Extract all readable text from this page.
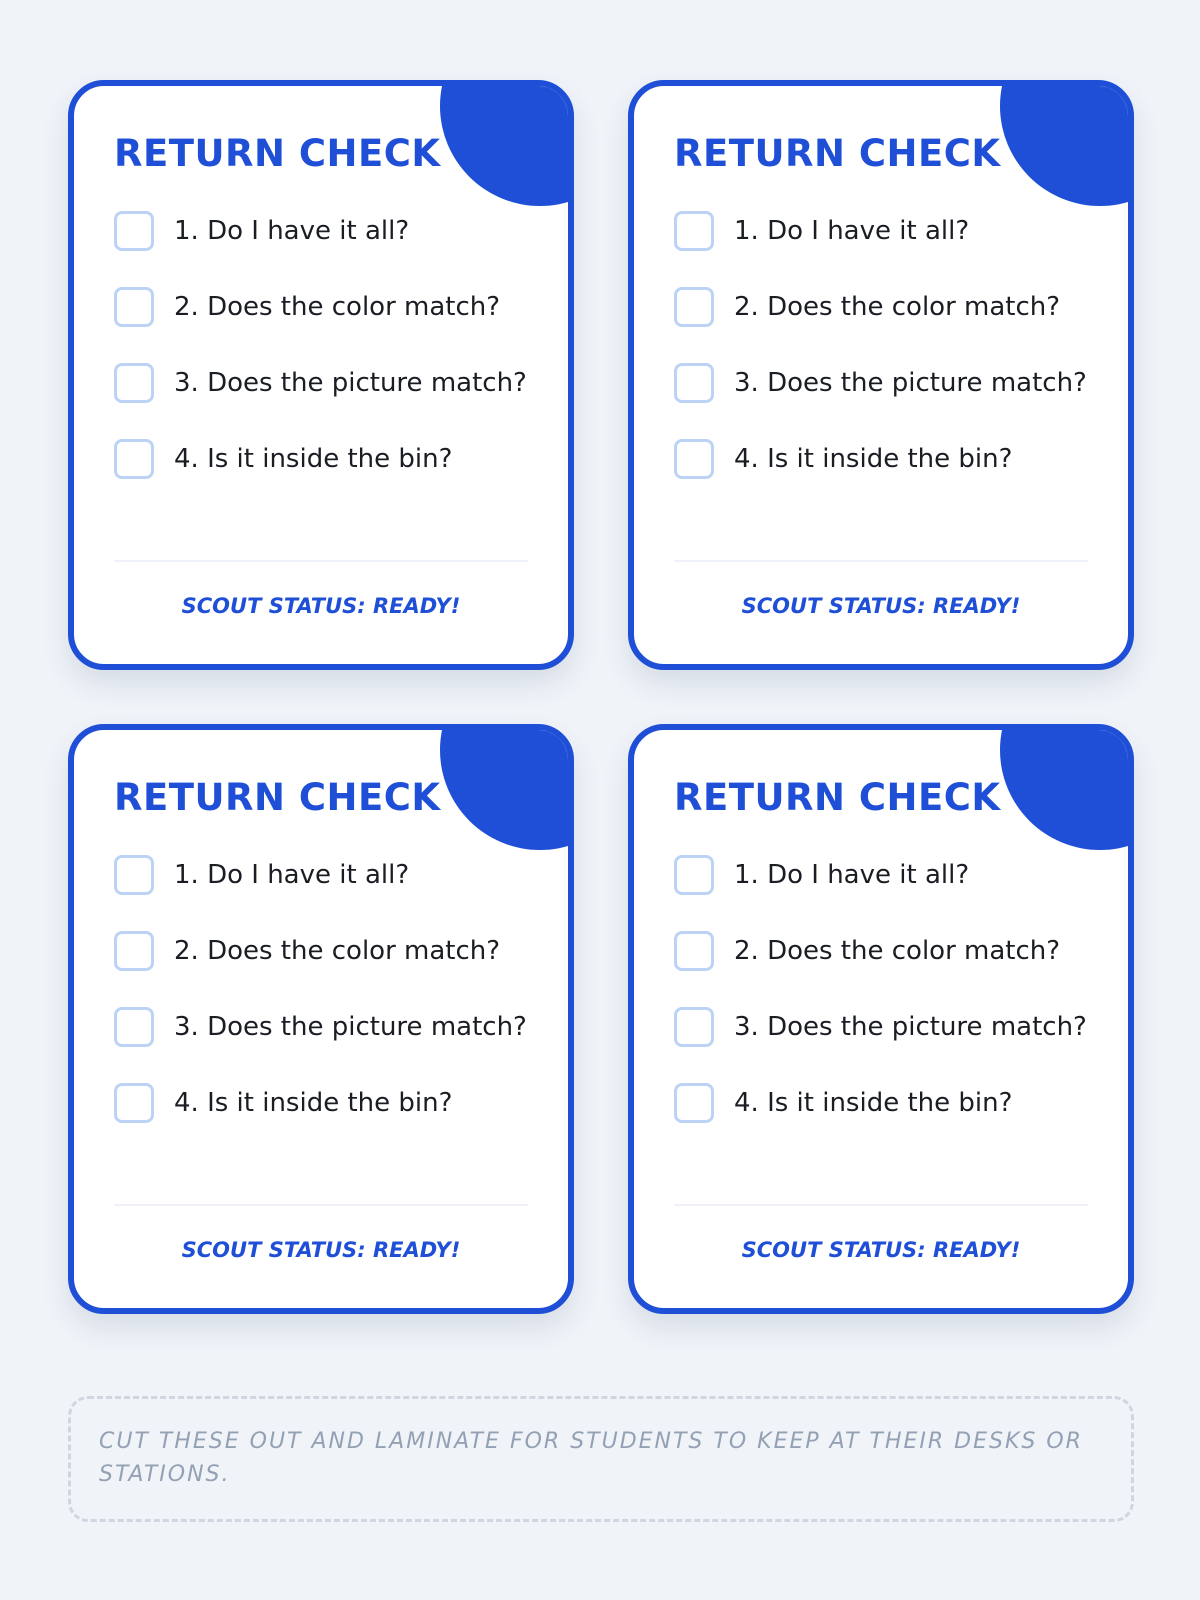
RETURN CHECK
1. Do I have it all?
2. Does the color match?
3. Does the picture match?
4. Is it inside the bin?
SCOUT STATUS: READY!
RETURN CHECK
1. Do I have it all?
2. Does the color match?
3. Does the picture match?
4. Is it inside the bin?
SCOUT STATUS: READY!
RETURN CHECK
1. Do I have it all?
2. Does the color match?
3. Does the picture match?
4. Is it inside the bin?
SCOUT STATUS: READY!
RETURN CHECK
1. Do I have it all?
2. Does the color match?
3. Does the picture match?
4. Is it inside the bin?
SCOUT STATUS: READY!
CUT THESE OUT AND LAMINATE FOR STUDENTS TO KEEP AT THEIR DESKS OR STATIONS.
